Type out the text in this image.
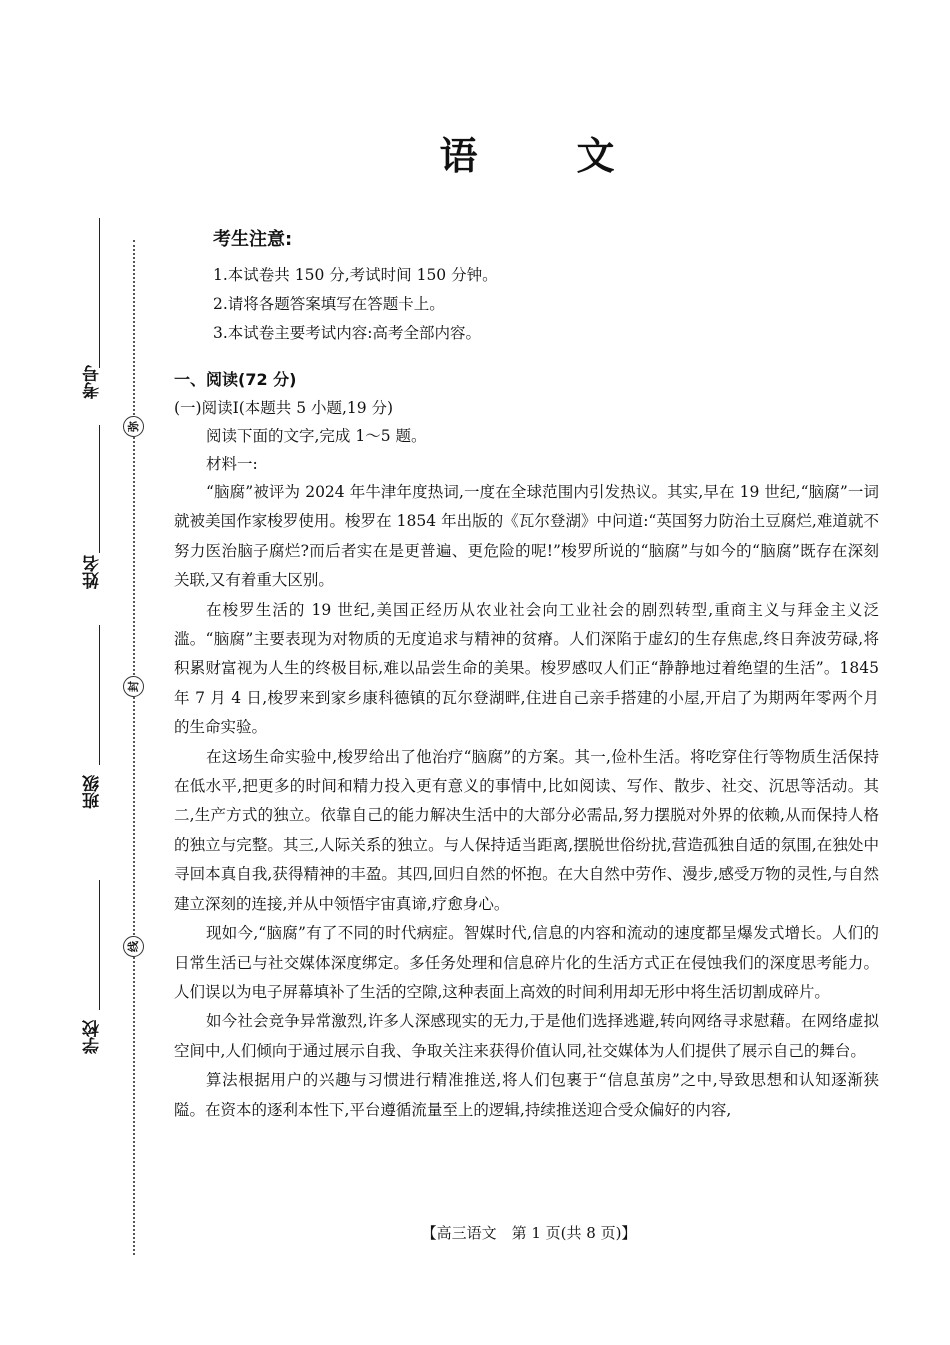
考号
姓名
班级
学校
弥
封
线
语	文
考生注意:
1.本试卷共 150 分,考试时间 150 分钟。
2.请将各题答案填写在答题卡上。
3.本试卷主要考试内容:高考全部内容。
一、阅读(72 分)
(一)阅读Ⅰ(本题共 5 小题,19 分)
阅读下面的文字,完成 1～5 题。
材料一:

“脑腐”被评为 2024 年牛津年度热词,一度在全球范围内引发热议。其实,早在 19 世纪,“脑腐”一词就被美国作家梭罗使用。梭罗在 1854 年出版的《瓦尔登湖》中问道:“英国努力防治土豆腐烂,难道就不努力医治脑子腐烂?而后者实在是更普遍、更危险的呢!”梭罗所说的“脑腐”与如今的“脑腐”既存在深刻关联,又有着重大区别。

在梭罗生活的 19 世纪,美国正经历从农业社会向工业社会的剧烈转型,重商主义与拜金主义泛滥。“脑腐”主要表现为对物质的无度追求与精神的贫瘠。人们深陷于虚幻的生存焦虑,终日奔波劳碌,将积累财富视为人生的终极目标,难以品尝生命的美果。梭罗感叹人们正“静静地过着绝望的生活”。1845 年 7 月 4 日,梭罗来到家乡康科德镇的瓦尔登湖畔,住进自己亲手搭建的小屋,开启了为期两年零两个月的生命实验。

在这场生命实验中,梭罗给出了他治疗“脑腐”的方案。其一,俭朴生活。将吃穿住行等物质生活保持在低水平,把更多的时间和精力投入更有意义的事情中,比如阅读、写作、散步、社交、沉思等活动。其二,生产方式的独立。依靠自己的能力解决生活中的大部分必需品,努力摆脱对外界的依赖,从而保持人格的独立与完整。其三,人际关系的独立。与人保持适当距离,摆脱世俗纷扰,营造孤独自适的氛围,在独处中寻回本真自我,获得精神的丰盈。其四,回归自然的怀抱。在大自然中劳作、漫步,感受万物的灵性,与自然建立深刻的连接,并从中领悟宇宙真谛,疗愈身心。

现如今,“脑腐”有了不同的时代病症。智媒时代,信息的内容和流动的速度都呈爆发式增长。人们的日常生活已与社交媒体深度绑定。多任务处理和信息碎片化的生活方式正在侵蚀我们的深度思考能力。人们误以为电子屏幕填补了生活的空隙,这种表面上高效的时间利用却无形中将生活切割成碎片。

如今社会竞争异常激烈,许多人深感现实的无力,于是他们选择逃避,转向网络寻求慰藉。在网络虚拟空间中,人们倾向于通过展示自我、争取关注来获得价值认同,社交媒体为人们提供了展示自己的舞台。

算法根据用户的兴趣与习惯进行精准推送,将人们包裹于“信息茧房”之中,导致思想和认知逐渐狭隘。在资本的逐利本性下,平台遵循流量至上的逻辑,持续推送迎合受众偏好的内容,

【高三语文　第 1 页(共 8 页)】
